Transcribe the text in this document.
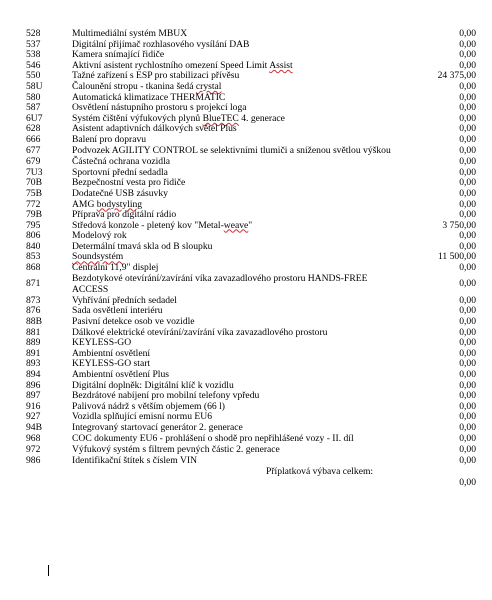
528	Multimediální systém MBUX	0,00
537	Digitální přijímač rozhlasového vysílání DAB	0,00
538	Kamera snímající řidiče	0,00
546	Aktivní asistent rychlostního omezení Speed Limit Assist	0,00
550	Tažné zařízení s ESP pro stabilizaci přívěsu	24 375,00
58U	Čalounění stropu - tkanina šedá crystal	0,00
580	Automatická klimatizace THERMATIC	0,00
587	Osvětlení nástupního prostoru s projekcí loga	0,00
6U7	Systém čištění výfukových plynů BlueTEC 4. generace	0,00
628	Asistent adaptivních dálkových světel Plus	0,00
666	Balení pro dopravu	0,00
677	Podvozek AGILITY CONTROL se selektivními tlumiči a sníženou světlou výškou	0,00
679	Částečná ochrana vozidla	0,00
7U3	Sportovní přední sedadla	0,00
70B	Bezpečnostní vesta pro řidiče	0,00
75B	Dodatečné USB zásuvky	0,00
772	AMG bodystyling	0,00
79B	Příprava pro digitální rádio	0,00
795	Středová konzole - pletený kov "Metal-weave"	3 750,00
806	Modelový rok	0,00
840	Determální tmavá skla od B sloupku	0,00
853	Soundsystém	11 500,00
868	Centrální 11,9" displej	0,00
871	Bezdotykové otevírání/zavírání víka zavazadlového prostoru HANDS-FREE ACCESS	0,00
873	Vyhřívání předních sedadel	0,00
876	Sada osvětlení interiéru	0,00
88B	Pasivní detekce osob ve vozidle	0,00
881	Dálkové elektrické otevírání/zavírání víka zavazadlového prostoru	0,00
889	KEYLESS-GO	0,00
891	Ambientní osvětlení	0,00
893	KEYLESS-GO start	0,00
894	Ambientní osvětlení Plus	0,00
896	Digitální doplněk: Digitální klíč k vozidlu	0,00
897	Bezdrátové nabíjení pro mobilní telefony vpředu	0,00
916	Palivová nádrž s větším objemem (66 l)	0,00
927	Vozidla splňující emisní normu EU6	0,00
94B	Integrovaný startovací generátor 2. generace	0,00
968	COC dokumenty EU6 - prohlášení o shodě pro nepřihlášené vozy - II. díl	0,00
972	Výfukový systém s filtrem pevných částic 2. generace	0,00
986	Identifikační štítek s číslem VIN	0,00
Příplatková výbava celkem:
0,00
